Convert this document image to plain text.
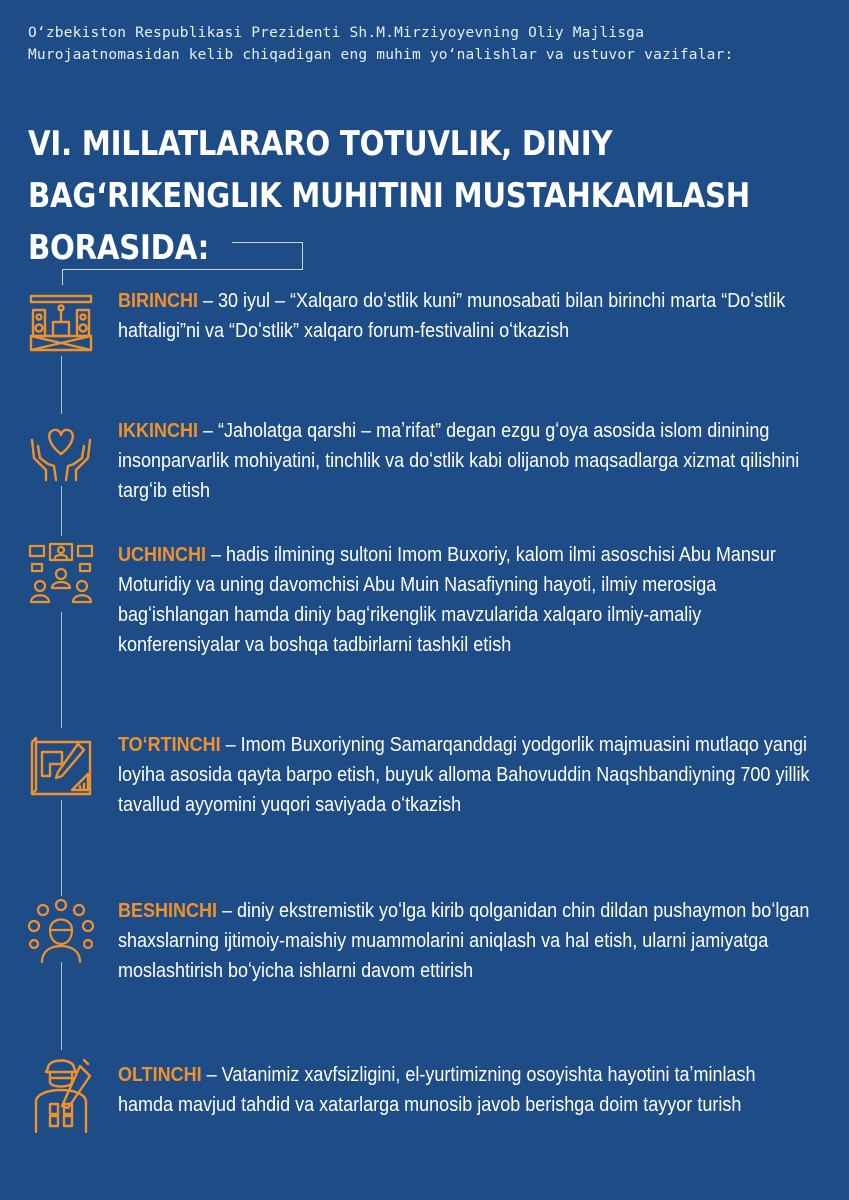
Oʻzbekiston Respublikasi Prezidenti Sh.M.Mirziyoyevning Oliy Majlisga
Murojaatnomasidan kelib chiqadigan eng muhim yoʻnalishlar va ustuvor vazifalar:
VI. MILLATLARARO TOTUVLIK, DINIY
BAGʻRIKENGLIK MUHITINI MUSTAHKAMLASH
BORASIDA:
BIRINCHI – 30 iyul – “Xalqaro doʻstlik kuni” munosabati bilan birinchi marta “Doʻstlik haftaligi”ni va “Doʻstlik” xalqaro forum-festivalini oʻtkazish
IKKINCHI – “Jaholatga qarshi – maʼrifat” degan ezgu gʻoya asosida islom dinining insonparvarlik mohiyatini, tinchlik va doʻstlik kabi olijanob maqsadlarga xizmat qilishini targʻib etish
UCHINCHI – hadis ilmining sultoni Imom Buxoriy, kalom ilmi asoschisi Abu Mansur Moturidiy va uning davomchisi Abu Muin Nasafiyning hayoti, ilmiy merosiga bagʻishlangan hamda diniy bagʻrikenglik mavzularida xalqaro ilmiy-amaliy konferensiyalar va boshqa tadbirlarni tashkil etish
TOʻRTINCHI – Imom Buxoriyning Samarqanddagi yodgorlik majmuasini mutlaqo yangi loyiha asosida qayta barpo etish, buyuk alloma Bahovuddin Naqshbandiyning 700 yillik tavallud ayyomini yuqori saviyada oʻtkazish
BESHINCHI – diniy ekstremistik yoʻlga kirib qolganidan chin dildan pushaymon boʻlgan shaxslarning ijtimoiy-maishiy muammolarini aniqlash va hal etish, ularni jamiyatga moslashtirish boʻyicha ishlarni davom ettirish
OLTINCHI – Vatanimiz xavfsizligini, el-yurtimizning osoyishta hayotini taʼminlash hamda mavjud tahdid va xatarlarga munosib javob berishga doim tayyor turish
